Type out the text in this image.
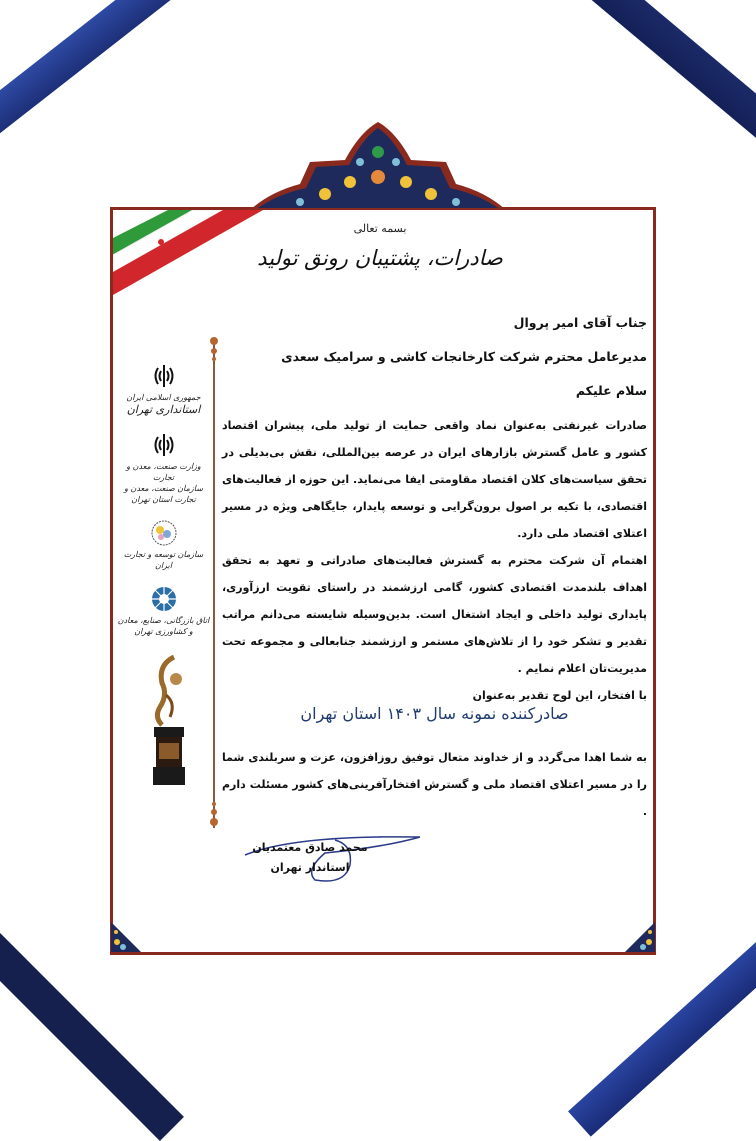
بسمه تعالی
صادرات، پشتیبان رونق تولید
جمهوری اسلامی ایران
استانداری تهران
وزارت صنعت، معدن و تجارت
سازمان صنعت، معدن و تجارت استان تهران
سازمان توسعه و تجارت ایران
اتاق بازرگانی، صنایع، معادن و کشاورزی تهران
جناب آقای امیر پروال
مدیرعامل محترم شرکت کارخانجات کاشی و سرامیک سعدی
سلام علیکم
صادرات غیرنفتی به‌عنوان نماد واقعی حمایت از تولید ملی، پیشران اقتصاد کشور و عامل گسترش بازارهای ایران در عرصه بین‌المللی، نقش بی‌بدیلی در تحقق سیاست‌های کلان اقتصاد مقاومتی ایفا می‌نماید. این حوزه از فعالیت‌های اقتصادی، با تکیه بر اصول برون‌گرایی و توسعه پایدار، جایگاهی ویژه در مسیر اعتلای اقتصاد ملی دارد.
اهتمام آن شرکت محترم به گسترش فعالیت‌های صادراتی و تعهد به تحقق اهداف بلندمدت اقتصادی کشور، گامی ارزشمند در راستای تقویت ارزآوری، پایداری تولید داخلی و ایجاد اشتغال است. بدین‌وسیله شایسته می‌دانم مراتب تقدیر و تشکر خود را از تلاش‌های مستمر و ارزشمند جنابعالی و مجموعه تحت مدیریت‌تان اعلام نمایم .
با افتخار، این لوح تقدیر به‌عنوان
صادرکننده نمونه سال ۱۴۰۳ استان تهران
به شما اهدا می‌گردد و از خداوند متعال توفیق روزافزون، عزت و سربلندی شما را در مسیر اعتلای اقتصاد ملی و گسترش افتخارآفرینی‌های کشور مسئلت دارم .
محمد صادق معتمدیان
استاندار تهران
